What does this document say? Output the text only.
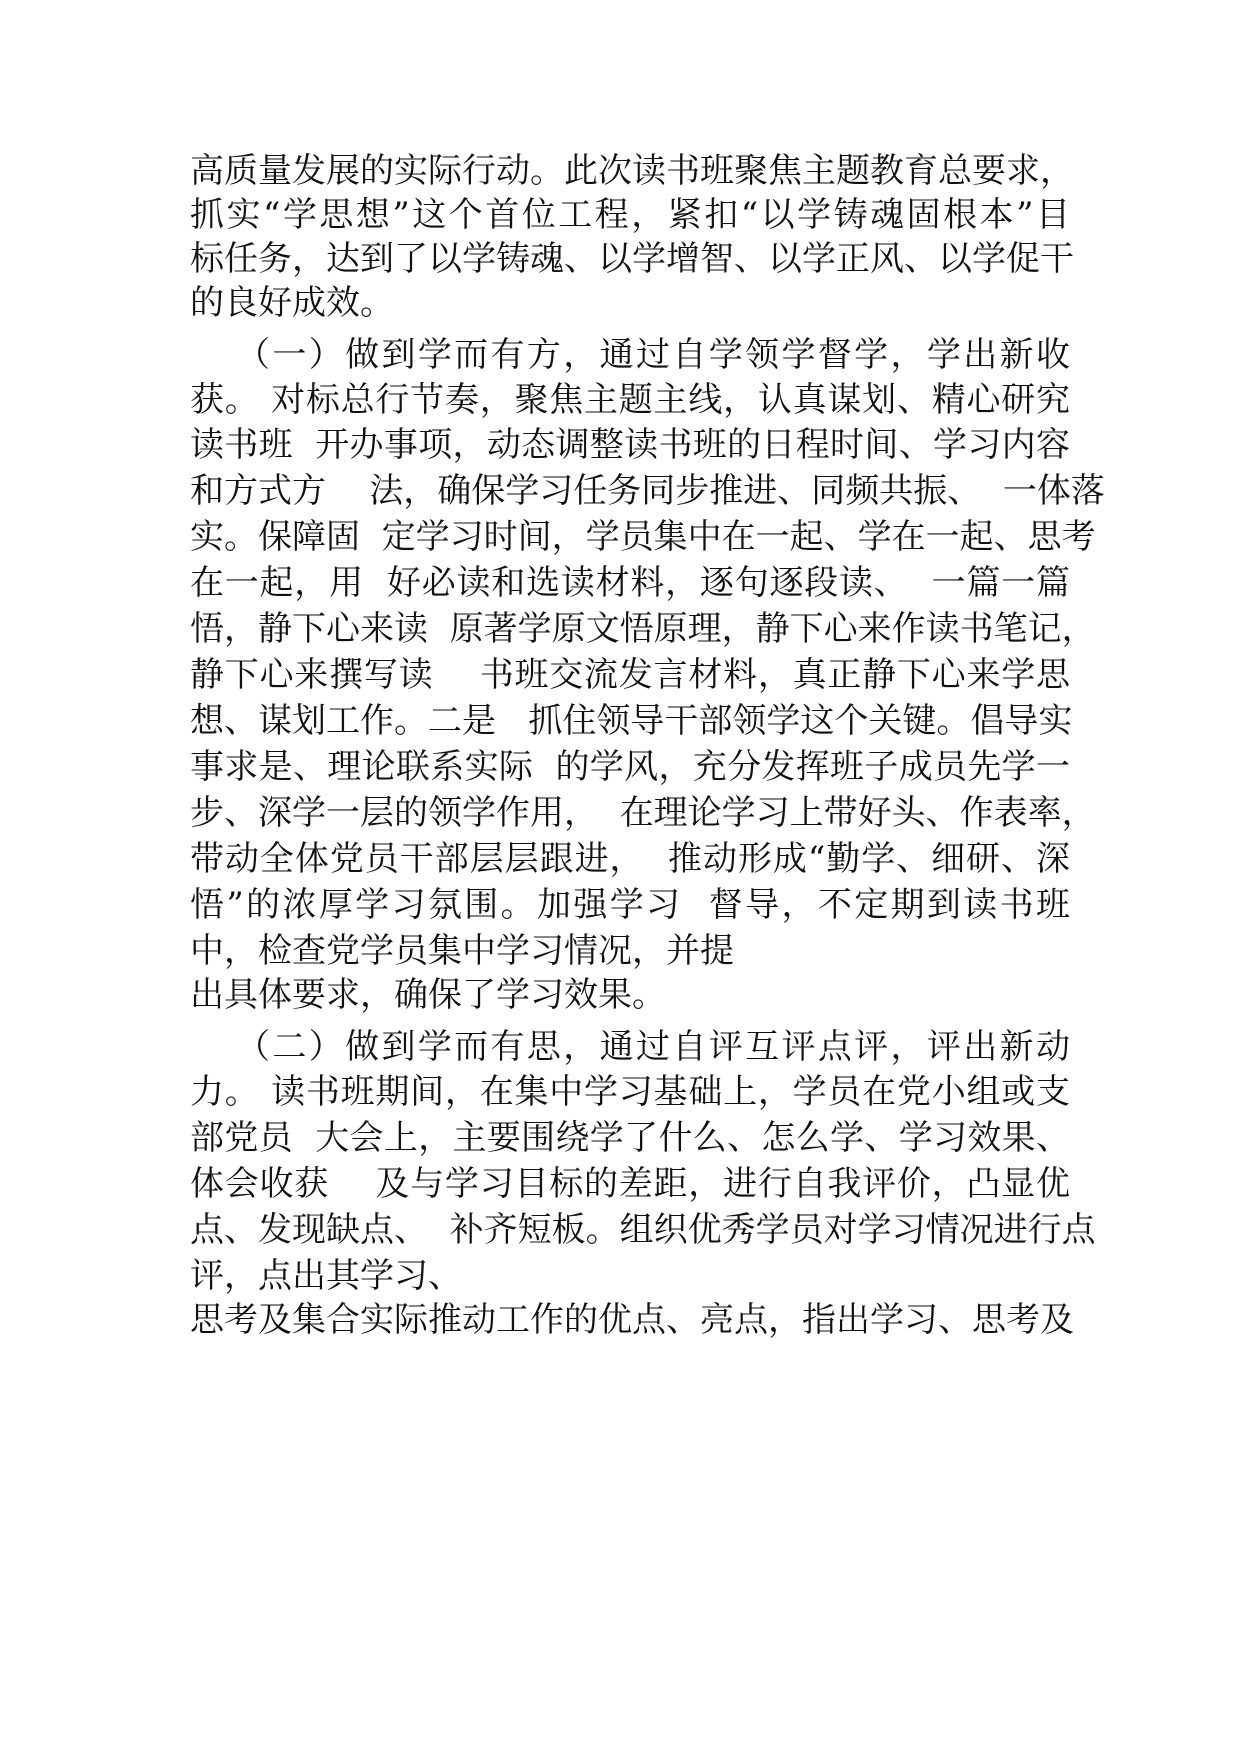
高质量发展的实际行动。此次读书班聚焦主题教育总要求，

抓实“学思想”这个首位工程，紧扣“以学铸魂固根本”目

标任务，达到了以学铸魂、以学增智、以学正风、以学促干

的良好成效。

（一）做到学而有方，通过自学领学督学，学出新收

获。 对标总行节奏，聚焦主题主线，认真谋划、精心研究

读书班  开办事项，动态调整读书班的日程时间、学习内容

和方式方    法，确保学习任务同步推进、同频共振、  一体落

实。保障固  定学习时间，学员集中在一起、学在一起、思考

在一起，用  好必读和选读材料，逐句逐段读、  一篇一篇

悟，静下心来读  原著学原文悟原理，静下心来作读书笔记，

静下心来撰写读    书班交流发言材料，真正静下心来学思

想、谋划工作。二是   抓住领导干部领学这个关键。倡导实

事求是、理论联系实际  的学风，充分发挥班子成员先学一

步、深学一层的领学作用，  在理论学习上带好头、作表率，

带动全体党员干部层层跟进，  推动形成“勤学、细研、深

悟”的浓厚学习氛围。加强学习  督导，不定期到读书班

中，检查党学员集中学习情况，并提

出具体要求，确保了学习效果。

（二）做到学而有思，通过自评互评点评，评出新动

力。 读书班期间，在集中学习基础上，学员在党小组或支

部党员  大会上，主要围绕学了什么、怎么学、学习效果、

体会收获    及与学习目标的差距，进行自我评价，凸显优

点、发现缺点、  补齐短板。组织优秀学员对学习情况进行点

评，点出其学习、

思考及集合实际推动工作的优点、亮点，指出学习、思考及
